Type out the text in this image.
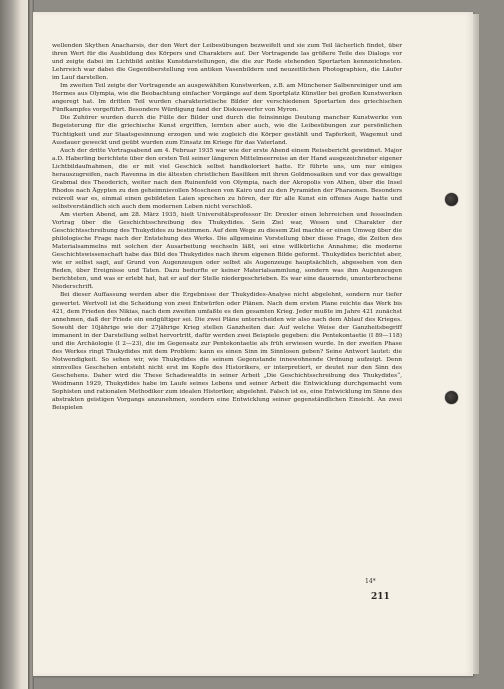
wellenden Skythen Anacharsis, der den Wert der Leibesübungen bezweifelt und sie zum Teil lächerlich findet, über ihren Wert für die Ausbildung des Körpers und Charakters auf. Der Vortragende las größere Teile des Dialogs vor und zeigte dabei im Lichtbild antike Kunstdarstellungen, die die zur Rede stehenden Sportarten kennzeichneten. Lehrreich war dabei die Gegenüberstellung von antiken Vasenbildern und neuzeitlichen Photographien, die Läufer im Lauf darstellen.

Im zweiten Teil zeigte der Vortragende an ausgewählten Kunstwerken, z.B. am Münchener Salbenreiniger und am Hermes aus Olympia, wie die Beobachtung einfacher Vorgänge auf dem Sportplatz Künstler bei großen Kunstwerken angeregt hat. Im dritten Teil wurden charakteristische Bilder der verschiedenen Sportarten des griechischen Fünfkampfes vorgeführt. Besondere Würdigung fand der Diskuswerfer von Myron.

Die Zuhörer wurden durch die Fülle der Bilder und durch die feinsinnige Deutung mancher Kunstwerke von Begeisterung für die griechische Kunst ergriffen, lernten aber auch, wie die Leibesübungen zur persönlichen Tüchtigkeit und zur Staatsgesinnung erzogen und wie zugleich die Körper gestählt und Tapferkeit, Wagemut und Ausdauer geweckt und geübt wurden zum Einsatz im Kriege für das Vaterland.

Auch der dritte Vortragsabend am 4. Februar 1935 war wie der erste Abend einem Reisebericht gewidmet. Major a.D. Haberling berichtete über den ersten Teil seiner längeren Mittelmeerreise an der Hand ausgezeichneter eigener Lichtbildaufnahmen, die er mit viel Geschick selbst handkoloriert hatte. Er führte uns, um nur einiges herauszugreifen, nach Ravenna in die ältesten christlichen Basiliken mit ihren Goldmosaiken und vor das gewaltige Grabmal des Theoderich, weiter nach den Ruinenfeld von Olympia, nach der Akropolis von Athen, über die Insel Rhodos nach Ägypten zu den geheimnisvollen Moscheen von Kairo und zu den Pyramiden der Pharaonen. Besonders reizvoll war es, einmal einen gebildeten Laien sprechen zu hören, der für alle Kunst ein offenes Auge hatte und selbstverständlich sich auch dem modernen Leben nicht verschloß.

Am vierten Abend, am 28. März 1935, hielt Universitätsprofessor Dr. Drexler einen lehrreichen und fesselnden Vortrag über die Geschichtsschreibung des Thukydides. Sein Ziel war, Wesen und Charakter der Geschichtsschreibung des Thukydides zu bestimmen. Auf dem Wege zu diesem Ziel machte er einen Umweg über die philologische Frage nach der Entstehung des Werks. Die allgemeine Vorstellung über diese Frage, die Zeiten des Materialsammelns mit solchen der Ausarbeitung wechseln läßt, sei eine willkürliche Annahme; die moderne Geschichtswissenschaft habe das Bild des Thukydides nach ihrem eigenen Bilde geformt. Thukydides berichtet aber, wie er selbst sagt, auf Grund von Augenzeugen oder selbst als Augenzeuge hauptsächlich, abgesehen von den Reden, über Ereignisse und Taten. Dazu bedurfte er keiner Materialsammlung, sondern was ihm Augenzeugen berichteten, und was er erlebt hat, hat er auf der Stelle niedergeschrieben. Es war eine dauernde, ununterbrochene Niederschrift.

Bei dieser Auffassung werden aber die Ergebnisse der Thukydides-Analyse nicht abgelehnt, sondern nur tiefer gewertet. Wertvoll ist die Scheidung von zwei Entwürfen oder Plänen. Nach dem ersten Plane reichte das Werk bis 421, dem Frieden des Nikias, nach dem zweiten umfaßte es den gesamten Krieg. Jeder mußte im Jahre 421 zunächst annehmen, daß der Friede ein endgültiger sei. Die zwei Pläne unterscheiden wir also nach dem Ablauf des Krieges. Sowohl der 10jährige wie der 27jährige Krieg stellen Ganzheiten dar. Auf welche Weise der Ganzheitsbegriff immanent in der Darstellung selbst hervortritt, dafür werden zwei Beispiele gegeben: die Pentekontaetie (I 89—118) und die Archäologie (I 2—23), die im Gegensatz zur Pentekontaetie als früh erwiesen wurde. In der zweiten Phase des Werkes ringt Thukydides mit dem Problem: kann es einen Sinn im Sinnlosen geben? Seine Antwort lautet: die Notwendigkeit. So sehen wir, wie Thukydides die seinem Gegenstande innewohnende Ordnung aufzeigt. Denn sinnvolles Geschehen entsteht nicht erst im Kopfe des Historikers, er interpretiert, er deutet nur den Sinn des Geschehens. Daher wird die These Schadewaldts in seiner Arbeit „Die Geschichtsschreibung des Thukydides“, Weidmann 1929, Thukydides habe im Laufe seines Lebens und seiner Arbeit die Entwicklung durchgemacht vom Sophisten und rationalen Methodiker zum idealen Historiker, abgelehnt. Falsch ist es, eine Entwicklung im Sinne des abstrakten geistigen Vorgangs anzunehmen, sondern eine Entwicklung seiner gegenständlichen Einsicht. An zwei Beispielen

14*
211
